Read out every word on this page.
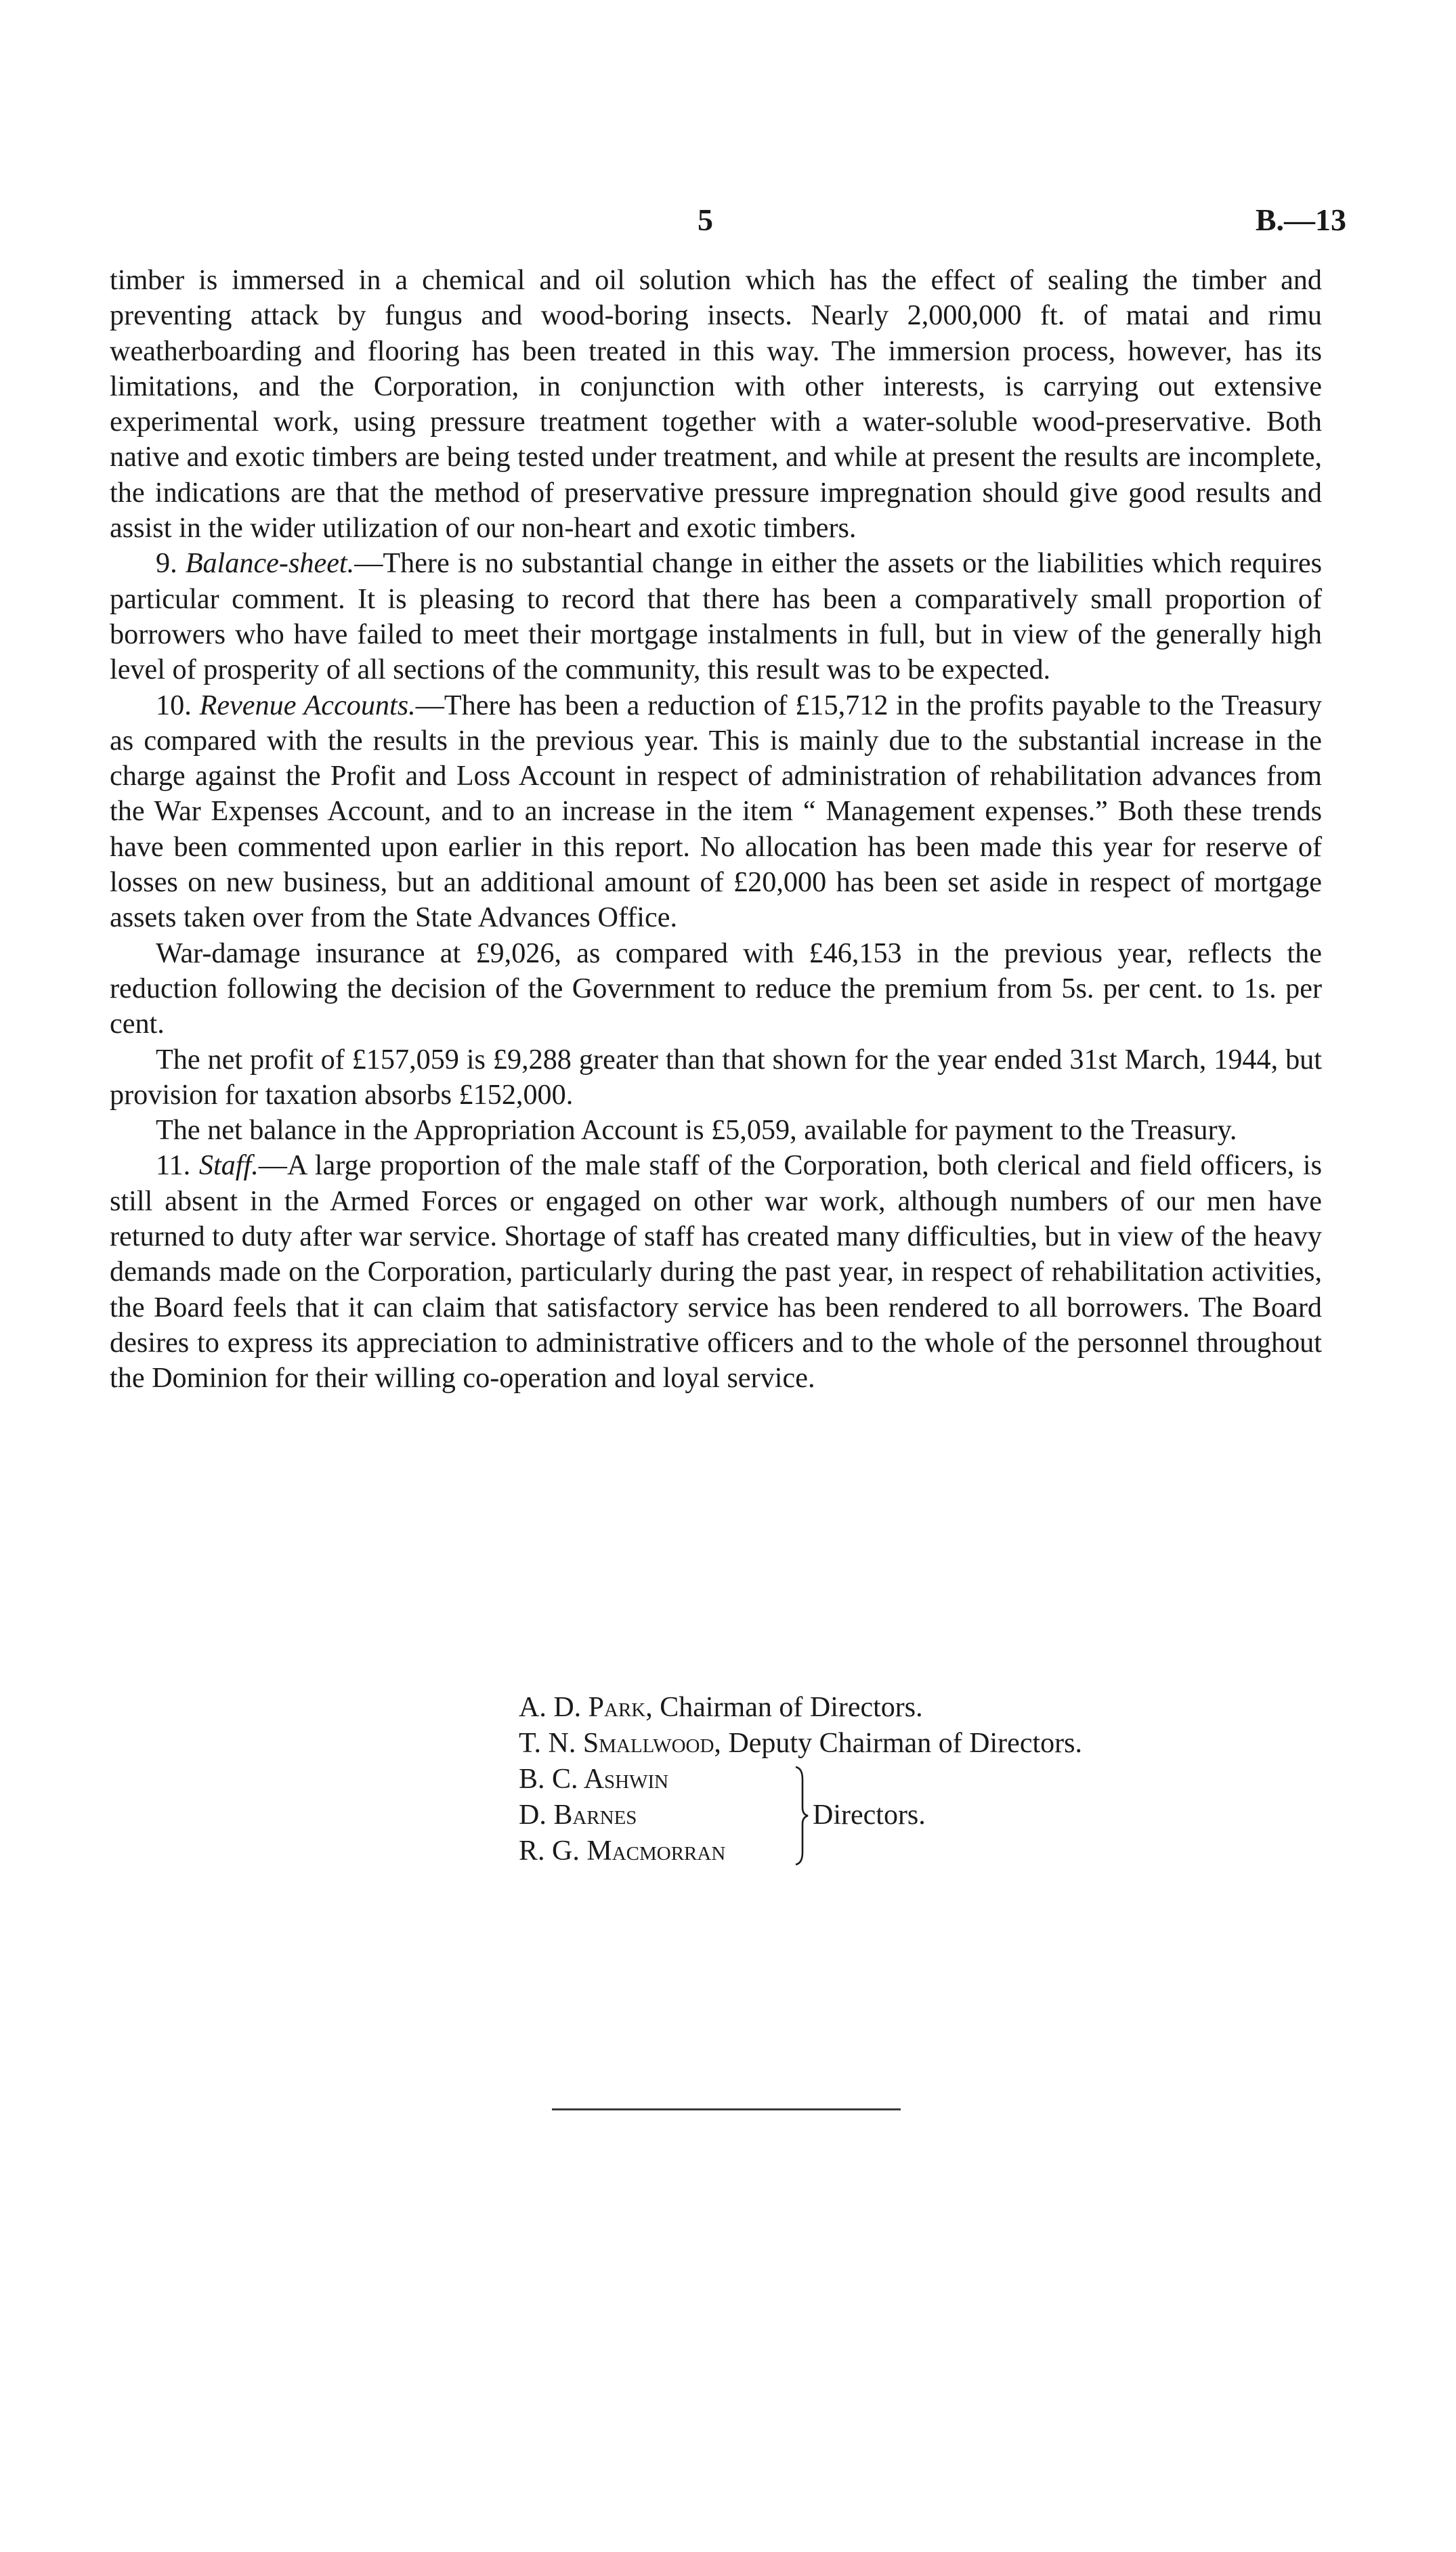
5	B.—13

timber is immersed in a chemical and oil solution which has the effect of sealing the timber and preventing attack by fungus and wood-boring insects. Nearly 2,000,000 ft. of matai and rimu weatherboarding and flooring has been treated in this way. The immersion process, however, has its limitations, and the Corporation, in conjunction with other interests, is carrying out extensive experimental work, using pressure treatment together with a water-soluble wood-preservative. Both native and exotic timbers are being tested under treatment, and while at present the results are incomplete, the indications are that the method of preservative pressure impregnation should give good results and assist in the wider utilization of our non-heart and exotic timbers.

9. Balance-sheet.—There is no substantial change in either the assets or the liabilities which requires particular comment. It is pleasing to record that there has been a comparatively small proportion of borrowers who have failed to meet their mortgage instalments in full, but in view of the generally high level of prosperity of all sections of the community, this result was to be expected.

10. Revenue Accounts.—There has been a reduction of £15,712 in the profits payable to the Treasury as compared with the results in the previous year. This is mainly due to the substantial increase in the charge against the Profit and Loss Account in respect of administration of rehabilitation advances from the War Expenses Account, and to an increase in the item “ Management expenses.” Both these trends have been commented upon earlier in this report. No allocation has been made this year for reserve of losses on new business, but an additional amount of £20,000 has been set aside in respect of mortgage assets taken over from the State Advances Office.

War-damage insurance at £9,026, as compared with £46,153 in the previous year, reflects the reduction following the decision of the Government to reduce the premium from 5s. per cent. to 1s. per cent.

The net profit of £157,059 is £9,288 greater than that shown for the year ended 31st March, 1944, but provision for taxation absorbs £152,000.

The net balance in the Appropriation Account is £5,059, available for payment to the Treasury.

11. Staff.—A large proportion of the male staff of the Corporation, both clerical and field officers, is still absent in the Armed Forces or engaged on other war work, although numbers of our men have returned to duty after war service. Shortage of staff has created many difficulties, but in view of the heavy demands made on the Corporation, particularly during the past year, in respect of rehabilitation activities, the Board feels that it can claim that satisfactory service has been rendered to all borrowers. The Board desires to express its appreciation to administrative officers and to the whole of the personnel throughout the Dominion for their willing co-operation and loyal service.

A. D. Park, Chairman of Directors.
T. N. Smallwood, Deputy Chairman of Directors.
B. C. Ashwin
D. Barnes
R. G. Macmorran
Directors.
